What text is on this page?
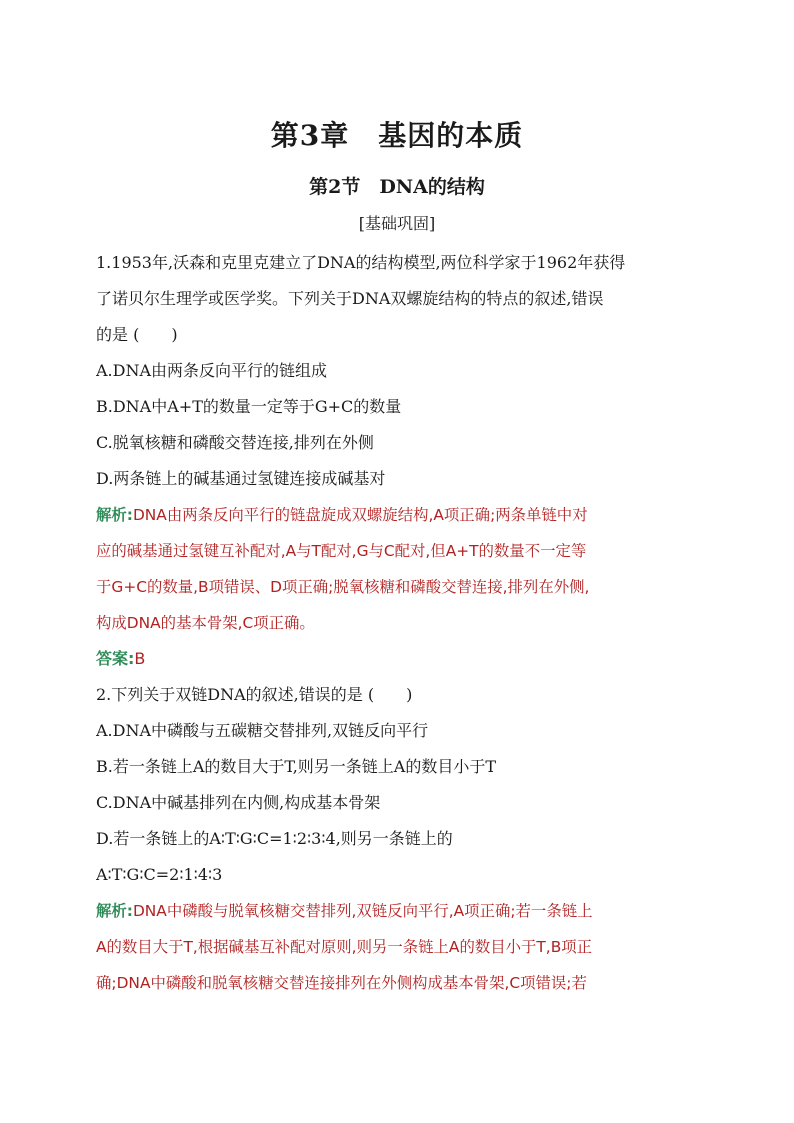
第3章　基因的本质
第2节　DNA的结构
[基础巩固]
1.1953年,沃森和克里克建立了DNA的结构模型,两位科学家于1962年获得
了诺贝尔生理学或医学奖。下列关于DNA双螺旋结构的特点的叙述,错误
的是 (　　)
A.DNA由两条反向平行的链组成
B.DNA中A+T的数量一定等于G+C的数量
C.脱氧核糖和磷酸交替连接,排列在外侧
D.两条链上的碱基通过氢键连接成碱基对
解析:DNA由两条反向平行的链盘旋成双螺旋结构,A项正确;两条单链中对
应的碱基通过氢键互补配对,A与T配对,G与C配对,但A+T的数量不一定等
于G+C的数量,B项错误、D项正确;脱氧核糖和磷酸交替连接,排列在外侧,
构成DNA的基本骨架,C项正确。
答案:B
2.下列关于双链DNA的叙述,错误的是 (　　)
A.DNA中磷酸与五碳糖交替排列,双链反向平行
B.若一条链上A的数目大于T,则另一条链上A的数目小于T
C.DNA中碱基排列在内侧,构成基本骨架
D.若一条链上的A∶T∶G∶C=1∶2∶3∶4,则另一条链上的
A∶T∶G∶C=2∶1∶4∶3
解析:DNA中磷酸与脱氧核糖交替排列,双链反向平行,A项正确;若一条链上
A的数目大于T,根据碱基互补配对原则,则另一条链上A的数目小于T,B项正
确;DNA中磷酸和脱氧核糖交替连接排列在外侧构成基本骨架,C项错误;若
